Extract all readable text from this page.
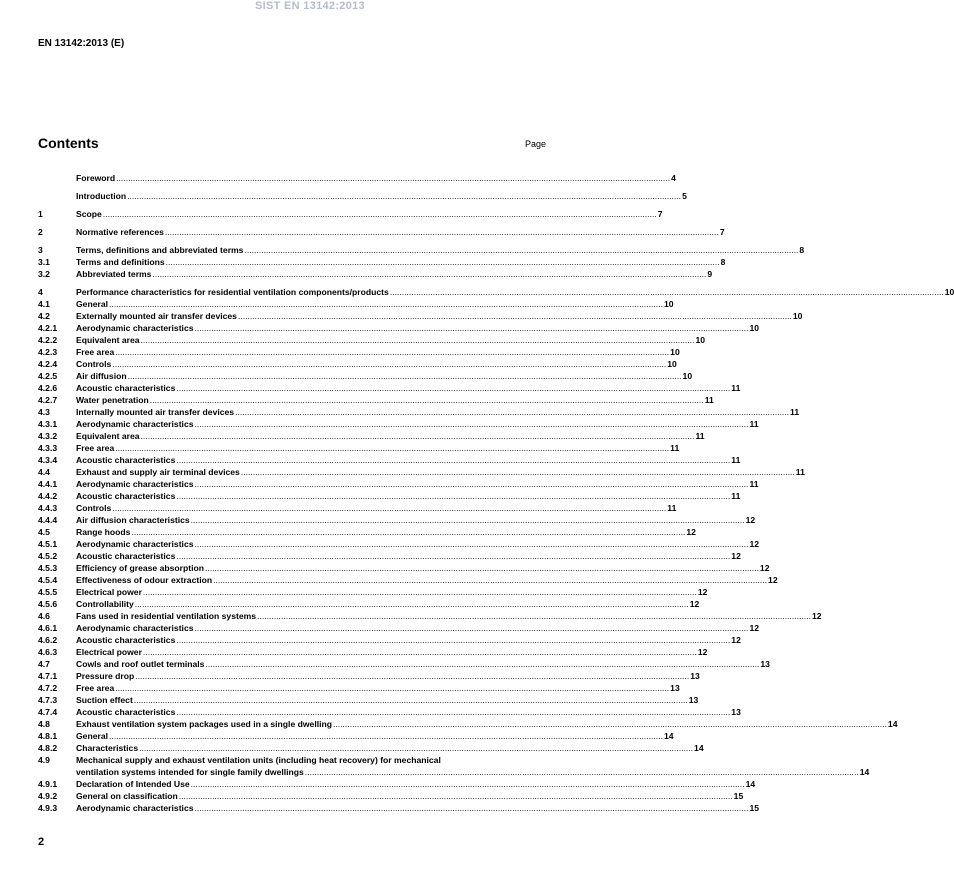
SIST EN 13142:2013
EN 13142:2013 (E)
Contents	Page
Foreword .....	4
Introduction .....	5
1	Scope .....	7
2	Normative references .....	7
3	Terms, definitions and abbreviated terms .....	8
3.1	Terms and definitions .....	8
3.2	Abbreviated terms .....	9
4	Performance characteristics for residential ventilation components/products .....	10
4.1	General .....	10
4.2	Externally mounted air transfer devices .....	10
4.2.1	Aerodynamic characteristics .....	10
4.2.2	Equivalent area .....	10
4.2.3	Free area .....	10
4.2.4	Controls .....	10
4.2.5	Air diffusion .....	10
4.2.6	Acoustic characteristics .....	11
4.2.7	Water penetration .....	11
4.3	Internally mounted air transfer devices .....	11
4.3.1	Aerodynamic characteristics .....	11
4.3.2	Equivalent area .....	11
4.3.3	Free area .....	11
4.3.4	Acoustic characteristics .....	11
4.4	Exhaust and supply air terminal devices .....	11
4.4.1	Aerodynamic characteristics .....	11
4.4.2	Acoustic characteristics .....	11
4.4.3	Controls .....	11
4.4.4	Air diffusion characteristics .....	12
4.5	Range hoods .....	12
4.5.1	Aerodynamic characteristics .....	12
4.5.2	Acoustic characteristics .....	12
4.5.3	Efficiency of grease absorption .....	12
4.5.4	Effectiveness of odour extraction .....	12
4.5.5	Electrical power .....	12
4.5.6	Controllability .....	12
4.6	Fans used in residential ventilation systems .....	12
4.6.1	Aerodynamic characteristics .....	12
4.6.2	Acoustic characteristics .....	12
4.6.3	Electrical power .....	12
4.7	Cowls and roof outlet terminals .....	13
4.7.1	Pressure drop .....	13
4.7.2	Free area .....	13
4.7.3	Suction effect .....	13
4.7.4	Acoustic characteristics .....	13
4.8	Exhaust ventilation system packages used in a single dwelling .....	14
4.8.1	General .....	14
4.8.2	Characteristics .....	14
4.9	Mechanical supply and exhaust ventilation units (including heat recovery) for mechanical
ventilation systems intended for single family dwellings .....	14
4.9.1	Declaration of Intended Use .....	14
4.9.2	General on classification .....	15
4.9.3	Aerodynamic characteristics .....	15
2
